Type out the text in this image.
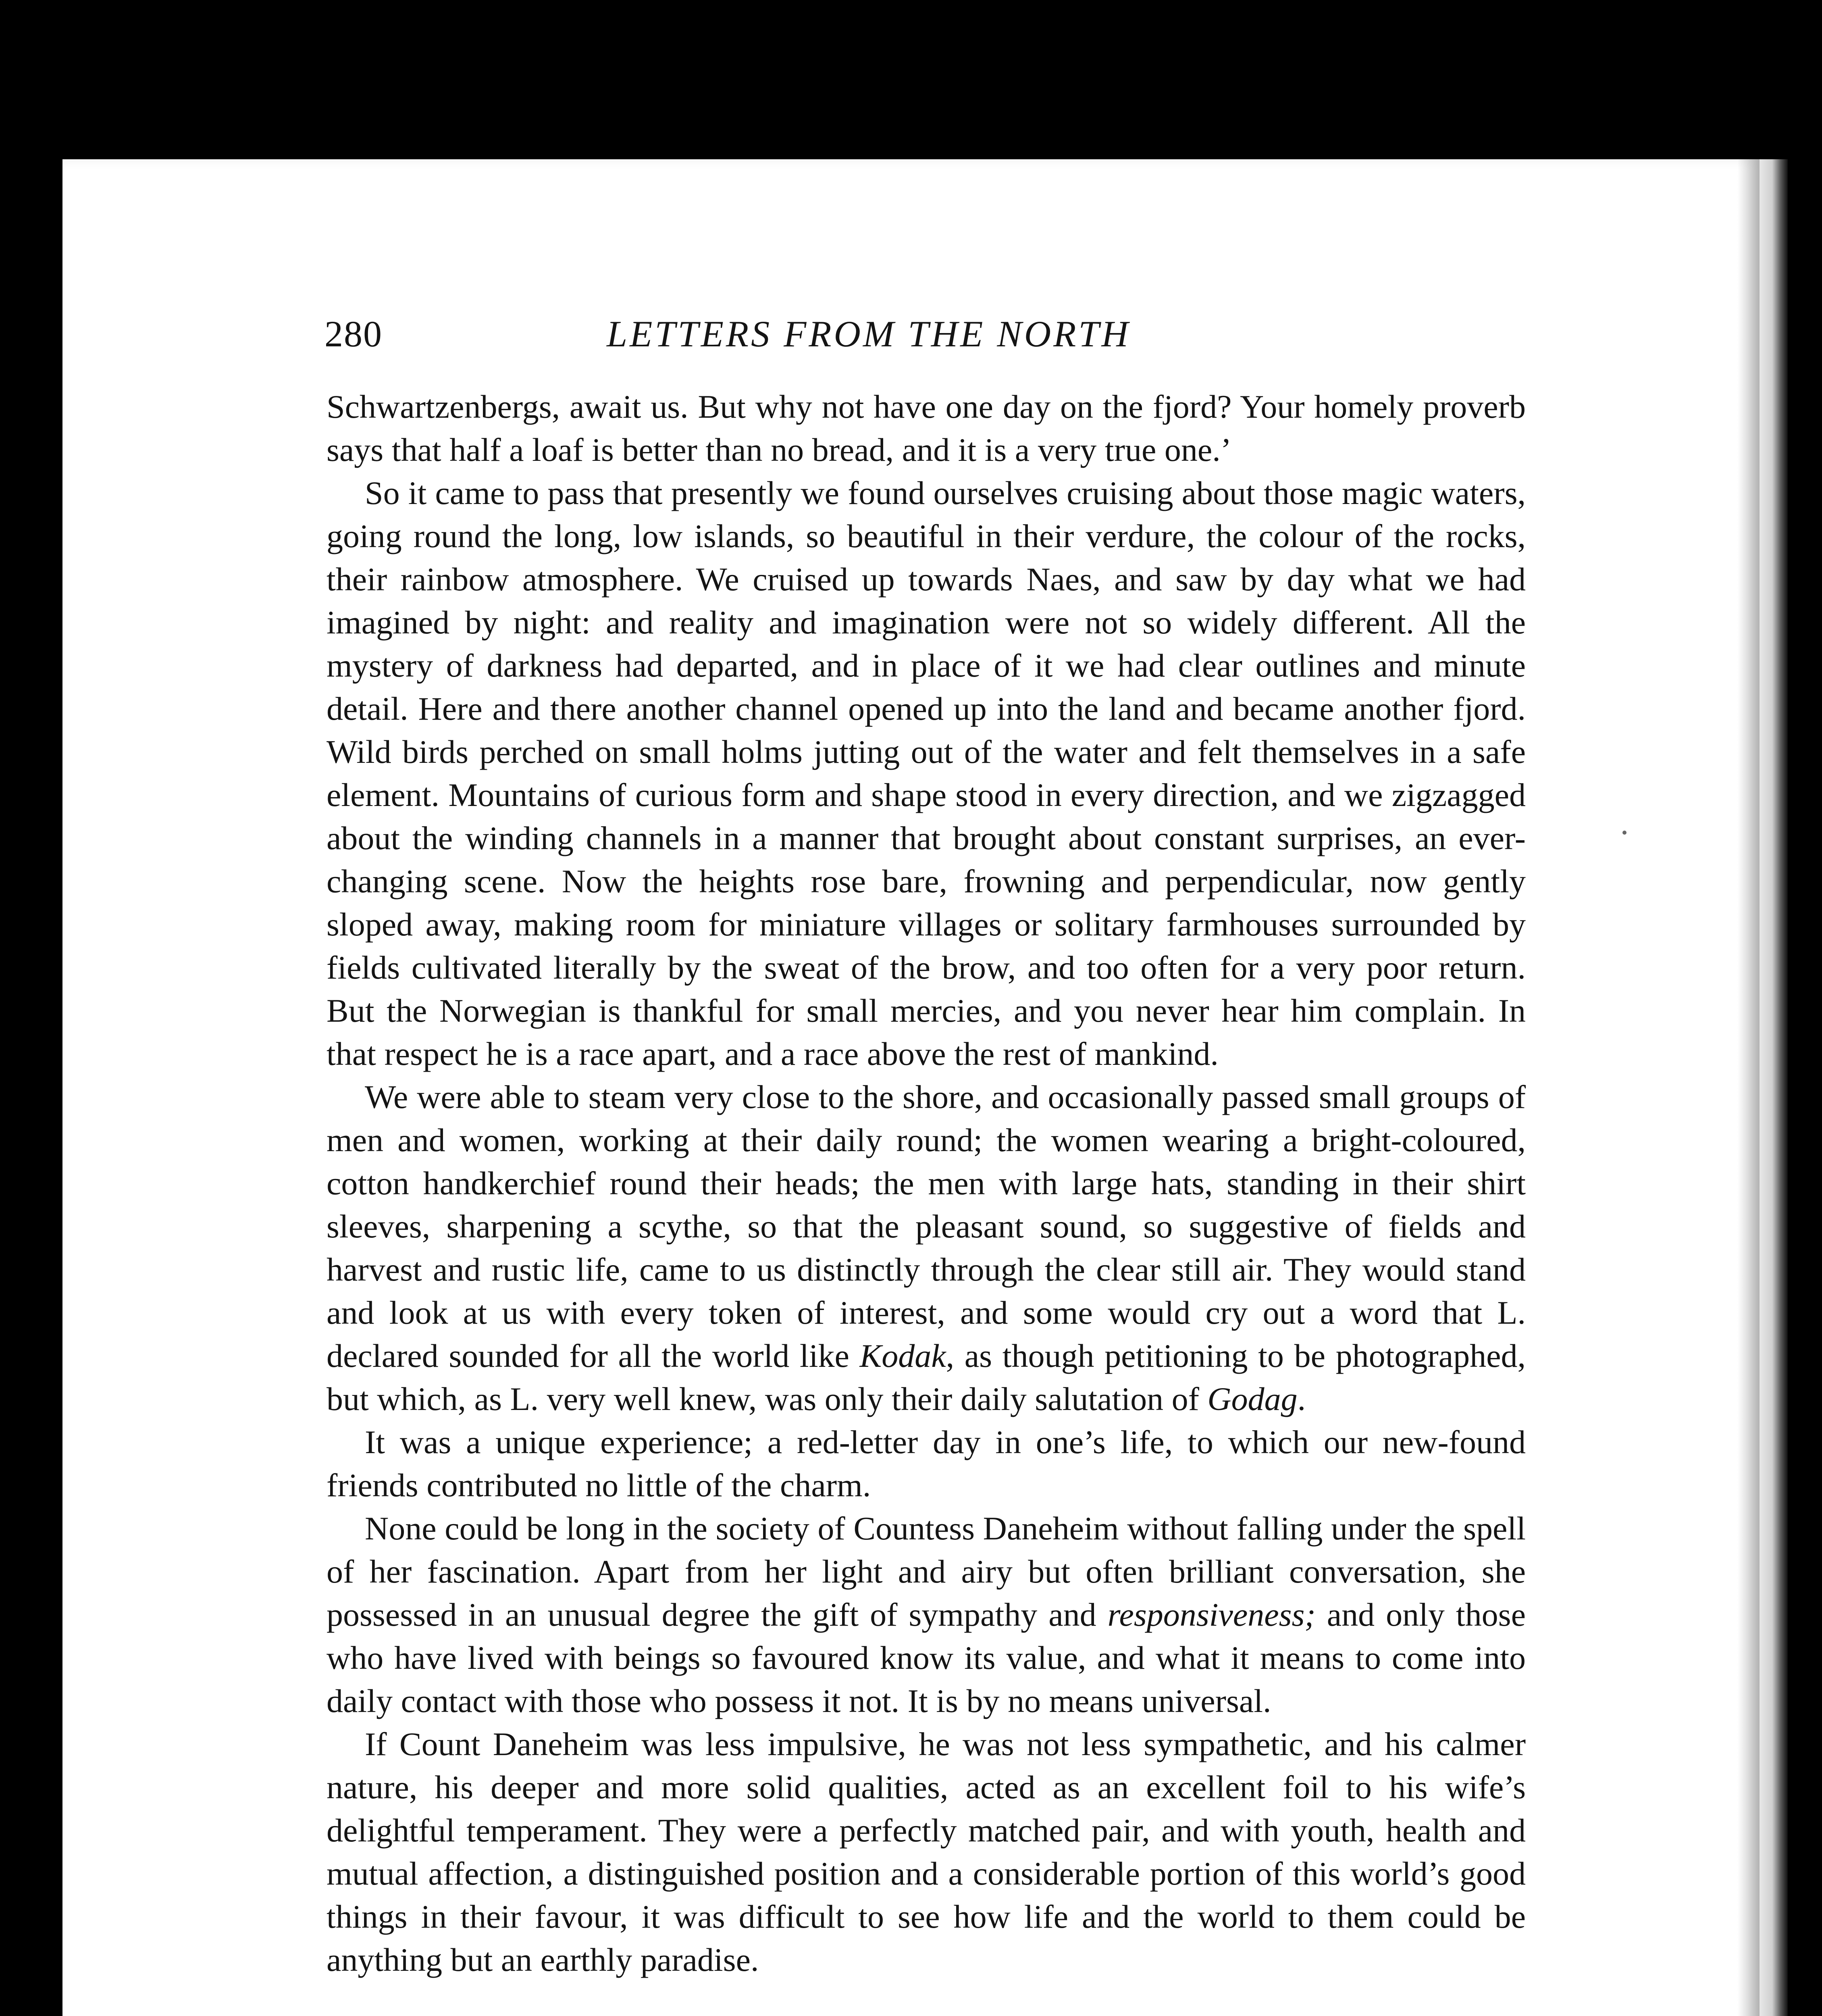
280	LETTERS FROM THE NORTH

Schwartzenbergs, await us. But why not have one day on the fjord? Your homely proverb says that half a loaf is better than no bread, and it is a very true one.’

So it came to pass that presently we found ourselves cruising about those magic waters, going round the long, low islands, so beautiful in their verdure, the colour of the rocks, their rainbow atmosphere. We cruised up towards Naes, and saw by day what we had imagined by night: and reality and imagination were not so widely different. All the mystery of darkness had departed, and in place of it we had clear outlines and minute detail. Here and there another channel opened up into the land and became another fjord. Wild birds perched on small holms jutting out of the water and felt themselves in a safe element. Mountains of curious form and shape stood in every direction, and we zigzagged about the winding channels in a manner that brought about constant surprises, an ever-changing scene. Now the heights rose bare, frowning and perpendicular, now gently sloped away, making room for miniature villages or solitary farmhouses surrounded by fields cultivated literally by the sweat of the brow, and too often for a very poor return. But the Norwegian is thankful for small mercies, and you never hear him complain. In that respect he is a race apart, and a race above the rest of mankind.

We were able to steam very close to the shore, and occasionally passed small groups of men and women, working at their daily round; the women wearing a bright-coloured, cotton handkerchief round their heads; the men with large hats, standing in their shirt sleeves, sharpening a scythe, so that the pleasant sound, so suggestive of fields and harvest and rustic life, came to us distinctly through the clear still air. They would stand and look at us with every token of interest, and some would cry out a word that L. declared sounded for all the world like Kodak, as though petitioning to be photographed, but which, as L. very well knew, was only their daily salutation of Godag.

It was a unique experience; a red-letter day in one’s life, to which our new-found friends contributed no little of the charm.

None could be long in the society of Countess Daneheim without falling under the spell of her fascination. Apart from her light and airy but often brilliant conversation, she possessed in an unusual degree the gift of sympathy and responsiveness; and only those who have lived with beings so favoured know its value, and what it means to come into daily contact with those who possess it not. It is by no means universal.

If Count Daneheim was less impulsive, he was not less sympathetic, and his calmer nature, his deeper and more solid qualities, acted as an excellent foil to his wife’s delightful temperament. They were a perfectly matched pair, and with youth, health and mutual affection, a distinguished position and a considerable portion of this world’s good things in their favour, it was difficult to see how life and the world to them could be anything but an earthly paradise.
